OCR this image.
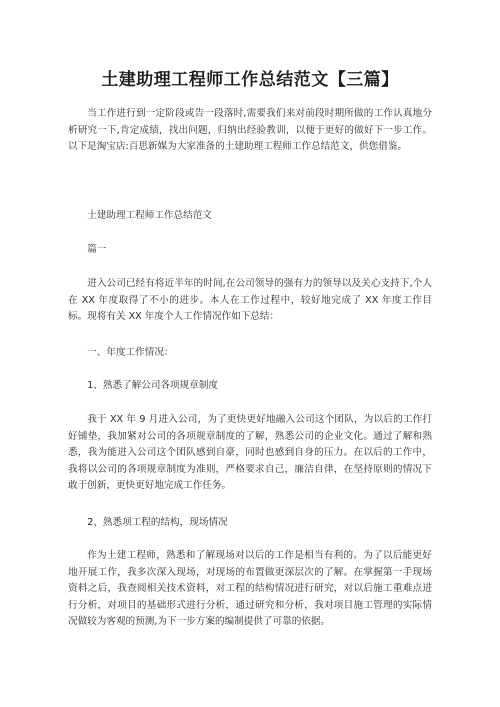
土建助理工程师工作总结范文【三篇】

当工作进行到一定阶段或告一段落时,需要我们来对前段时期所做的工作认真地分析研究一下,肯定成绩，找出问题，归纳出经验教训，以便于更好的做好下一步工作。以下是淘宝店:百思新媒为大家准备的土建助理工程师工作总结范文，供您借鉴。

土建助理工程师工作总结范文

篇一

进入公司已经有将近半年的时间,在公司领导的强有力的领导以及关心支持下,个人在 XX 年度取得了不小的进步。本人在工作过程中，较好地完成了 XX 年度工作目标。现将有关 XX 年度个人工作情况作如下总结：

一、年度工作情况：

1、熟悉了解公司各项规章制度

我于 XX 年 9 月进入公司，为了更快更好地融入公司这个团队，为以后的工作打好铺垫，我加紧对公司的各项规章制度的了解，熟悉公司的企业文化。通过了解和熟悉，我为能进入公司这个团队感到自豪，同时也感到自身的压力。在以后的工作中，我将以公司的各项规章制度为准则，严格要求自己，廉洁自律，在坚持原则的情况下敢于创新，更快更好地完成工作任务。

2、熟悉项工程的结构，现场情况

作为土建工程师，熟悉和了解现场对以后的工作是相当有利的。为了以后能更好地开展工作，我多次深入现场，对现场的布置做更深层次的了解。在掌握第一手现场资料之后，我查阅相关技术资料，对工程的结构情况进行研究，对以后施工重难点进行分析，对项目的基础形式进行分析，通过研究和分析，我对项目施工管理的实际情况做较为客观的预测,为下一步方案的编制提供了可靠的依据。
